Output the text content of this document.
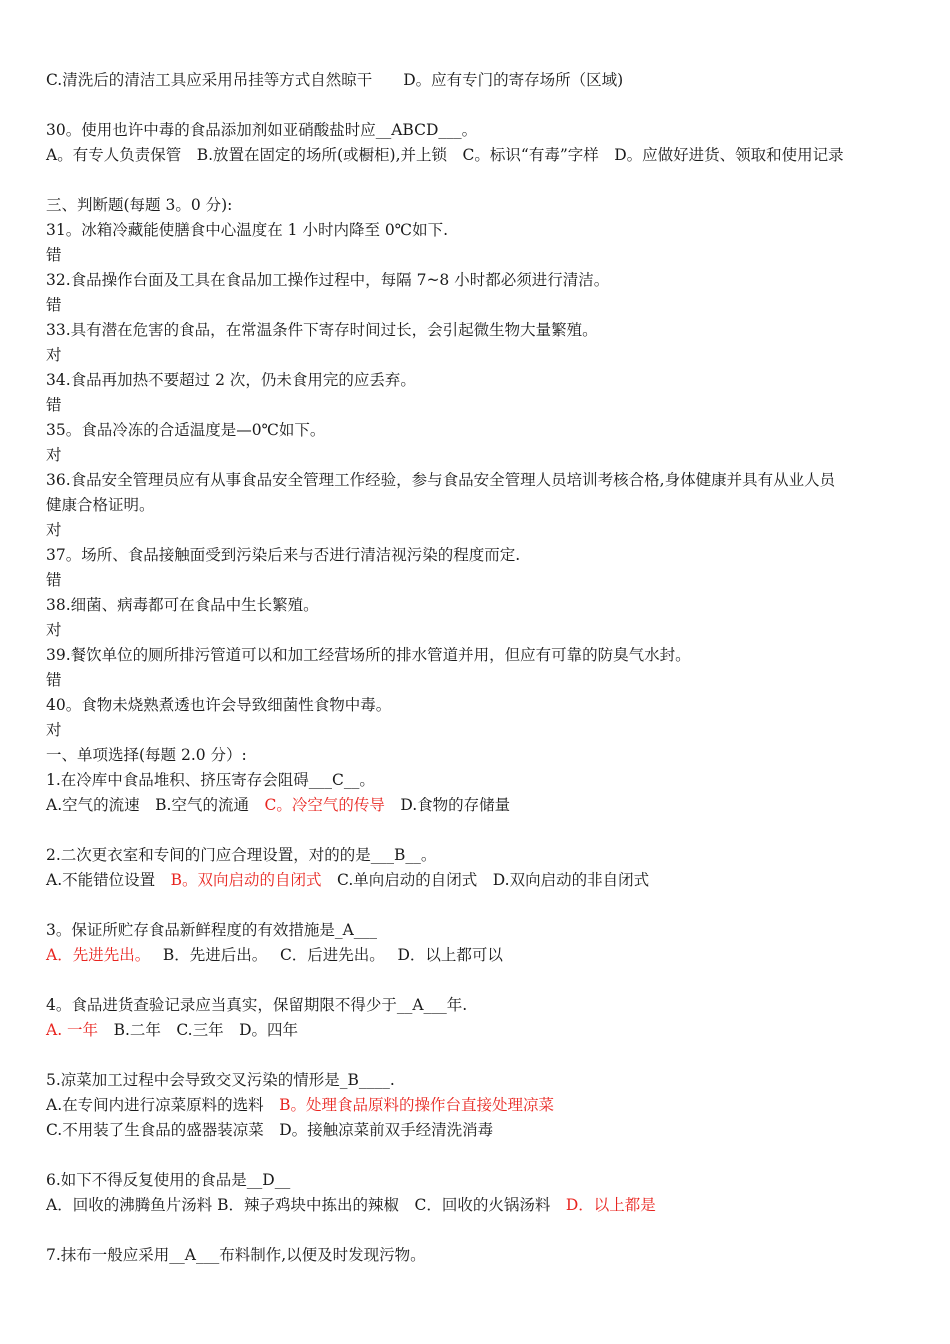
C.清洗后的清洁工具应采用吊挂等方式自然晾干　　D。应有专门的寄存场所（区域)
30。使用也许中毒的食品添加剂如亚硝酸盐时应__ABCD___。
A。有专人负责保管　B.放置在固定的场所(或橱柜),并上锁　C。标识“有毒”字样　D。应做好进货、领取和使用记录
三、判断题(每题 3。0 分):
31。冰箱冷藏能使膳食中心温度在 1 小时内降至 0℃如下.
错
32.食品操作台面及工具在食品加工操作过程中，每隔 7~8 小时都必须进行清洁。
错
33.具有潜在危害的食品，在常温条件下寄存时间过长，会引起微生物大量繁殖。
对
34.食品再加热不要超过 2 次，仍未食用完的应丢弃。
错
35。食品冷冻的合适温度是—0℃如下。
对
36.食品安全管理员应有从事食品安全管理工作经验，参与食品安全管理人员培训考核合格,身体健康并具有从业人员
健康合格证明。
对
37。场所、食品接触面受到污染后来与否进行清洁视污染的程度而定.
错
38.细菌、病毒都可在食品中生长繁殖。
对
39.餐饮单位的厕所排污管道可以和加工经营场所的排水管道并用，但应有可靠的防臭气水封。
错
40。食物未烧熟煮透也许会导致细菌性食物中毒。
对
一、单项选择(每题 2.0 分）:
1.在冷库中食品堆积、挤压寄存会阻碍___C__。
A.空气的流速　B.空气的流通　C。冷空气的传导　D.食物的存储量
2.二次更衣室和专间的门应合理设置，对的的是___B__。
A.不能错位设置　B。双向启动的自闭式　C.单向启动的自闭式　D.双向启动的非自闭式
3。保证所贮存食品新鲜程度的有效措施是_A___
A．先进先出。　 B．先进后出。　 C．后进先出。　 D．以上都可以
4。食品进货查验记录应当真实，保留期限不得少于__A___年.
A. 一年　B.二年　C.三年　D。四年
5.凉菜加工过程中会导致交叉污染的情形是_B____.
A.在专间内进行凉菜原料的选料　B。处理食品原料的操作台直接处理凉菜
C.不用装了生食品的盛器装凉菜　D。接触凉菜前双手经清洗消毒
6.如下不得反复使用的食品是__D__
A．回收的沸腾鱼片汤料 B．辣子鸡块中拣出的辣椒　C．回收的火锅汤料　D．以上都是
7.抹布一般应采用__A___布料制作,以便及时发现污物。
